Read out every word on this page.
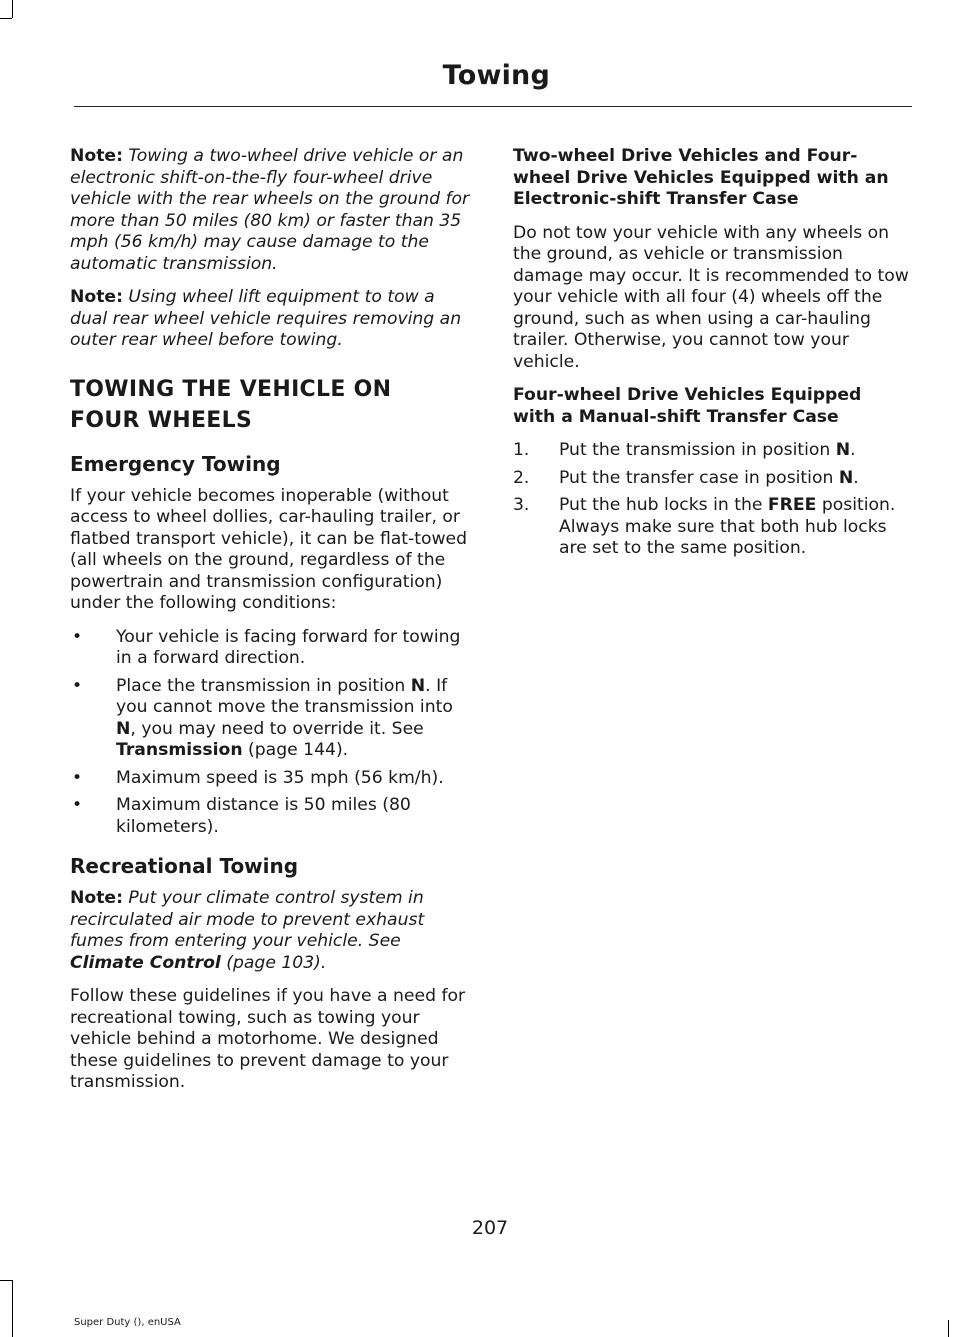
Towing

Note: Towing a two-wheel drive vehicle or an electronic shift-on-the-fly four-wheel drive vehicle with the rear wheels on the ground for more than 50 miles (80 km) or faster than 35 mph (56 km/h) may cause damage to the automatic transmission.

Note: Using wheel lift equipment to tow a dual rear wheel vehicle requires removing an outer rear wheel before towing.

TOWING THE VEHICLE ON
FOUR WHEELS
Emergency Towing

If your vehicle becomes inoperable (without access to wheel dollies, car-hauling trailer, or flatbed transport vehicle), it can be flat-towed (all wheels on the ground, regardless of the powertrain and transmission configuration) under the following conditions:

• Your vehicle is facing forward for towing in a forward direction.
• Place the transmission in position N. If you cannot move the transmission into N, you may need to override it. See Transmission (page 144).
• Maximum speed is 35 mph (56 km/h).
• Maximum distance is 50 miles (80 kilometers).
Recreational Towing

Note: Put your climate control system in recirculated air mode to prevent exhaust fumes from entering your vehicle. See Climate Control (page 103).

Follow these guidelines if you have a need for recreational towing, such as towing your vehicle behind a motorhome. We designed these guidelines to prevent damage to your transmission.

Two-wheel Drive Vehicles and Four-wheel Drive Vehicles Equipped with an Electronic-shift Transfer Case

Do not tow your vehicle with any wheels on the ground, as vehicle or transmission damage may occur. It is recommended to tow your vehicle with all four (4) wheels off the ground, such as when using a car-hauling trailer. Otherwise, you cannot tow your vehicle.

Four-wheel Drive Vehicles Equipped with a Manual-shift Transfer Case
1. Put the transmission in position N.
2. Put the transfer case in position N.
3. Put the hub locks in the FREE position. Always make sure that both hub locks are set to the same position.
207
Super Duty (), enUSA
